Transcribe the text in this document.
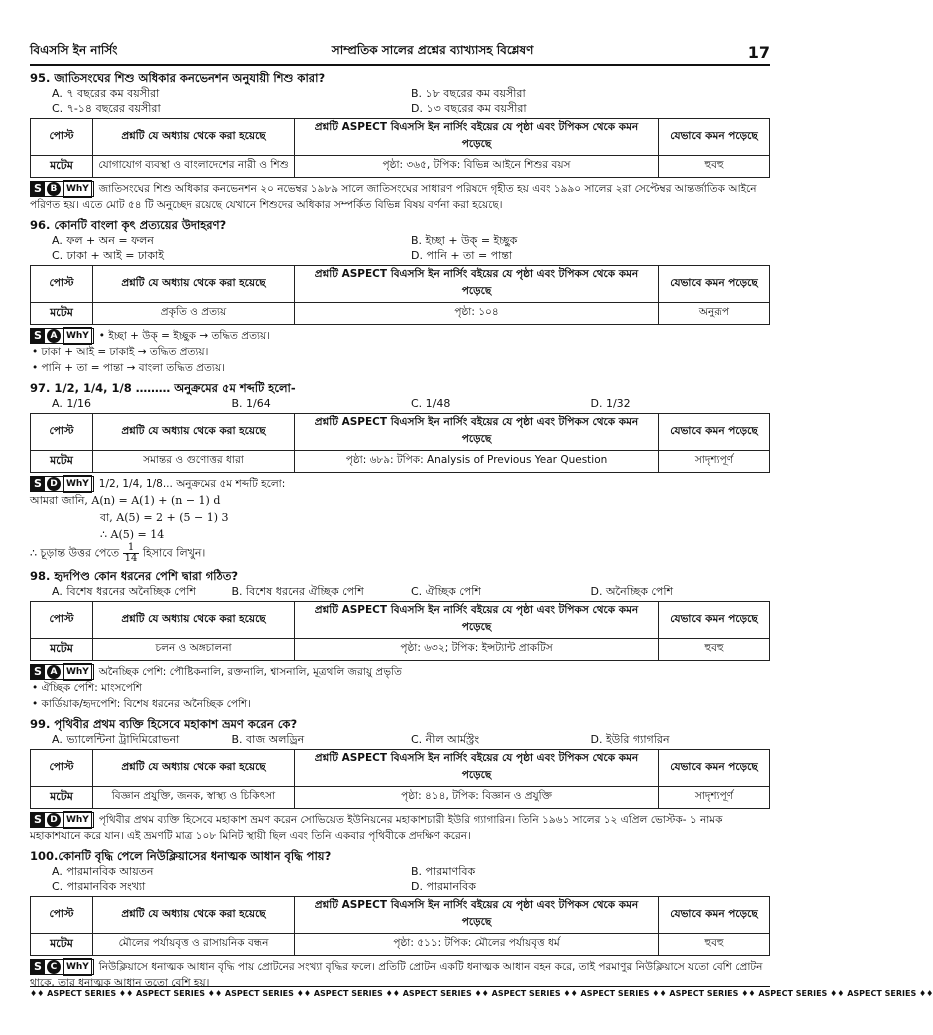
বিএসসি ইন নার্সিং	সাম্প্রতিক সালের প্রশ্নের ব্যাখ্যাসহ বিশ্লেষণ	17
95. জাতিসংঘের শিশু অধিকার কনভেনশন অনুযায়ী শিশু কারা?
A. ৭ বছরের কম বয়সীরা	B. ১৮ বছরের কম বয়সীরা
C. ৭-১৪ বছরের বয়সীরা	D. ১৩ বছরের কম বয়সীরা
পোস্ট	প্রশ্নটি যে অধ্যায় থেকে করা হয়েছে	প্রশ্নটি ASPECT বিএসসি ইন নার্সিং বইয়ের যে পৃষ্ঠা এবং টপিকস থেকে কমন পড়েছে	যেভাবে কমন পড়েছে
মটেম	যোগাযোগ ব্যবস্থা ও বাংলাদেশের নারী ও শিশু	পৃষ্ঠা: ৩৬৫, টপিক: বিভিন্ন আইনে শিশুর বয়স	হুবহু
S B WhY জাতিসংঘের শিশু অধিকার কনভেনশন ২০ নভেম্বর ১৯৮৯ সালে জাতিসংঘের সাধারণ পরিষদে গৃহীত হয় এবং ১৯৯০ সালের ২রা সেপ্টেম্বর আন্তর্জাতিক আইনে পরিণত হয়। এতে মোট ৫৪ টি অনুচ্ছেদ রয়েছে যেখানে শিশুদের অধিকার সম্পর্কিত বিভিন্ন বিষয় বর্ণনা করা হয়েছে।
96. কোনটি বাংলা কৃৎ প্রত্যয়ের উদাহরণ?
A. ফল + অন = ফলন	B. ইচ্ছা + উক্ = ইচ্ছুক
C. ঢাকা + আই = ঢাকাই	D. পানি + তা = পান্তা
পোস্ট	প্রশ্নটি যে অধ্যায় থেকে করা হয়েছে	প্রশ্নটি ASPECT বিএসসি ইন নার্সিং বইয়ের যে পৃষ্ঠা এবং টপিকস থেকে কমন পড়েছে	যেভাবে কমন পড়েছে
মটেম	প্রকৃতি ও প্রত্যয়	পৃষ্ঠা: ১০৪	অনুরূপ
S A WhY • ইচ্ছা + উক্ = ইচ্ছুক → তদ্ধিত প্রত্যয়।
• ঢাকা + আই = ঢাকাই → তদ্ধিত প্রত্যয়।
• পানি + তা = পান্তা → বাংলা তদ্ধিত প্রত্যয়।
97. 1/2, 1/4, 1/8 ……… অনুক্রমের ৫ম শব্দটি হলো-
A. 1/16	B. 1/64	C. 1/48	D. 1/32
পোস্ট	প্রশ্নটি যে অধ্যায় থেকে করা হয়েছে	প্রশ্নটি ASPECT বিএসসি ইন নার্সিং বইয়ের যে পৃষ্ঠা এবং টপিকস থেকে কমন পড়েছে	যেভাবে কমন পড়েছে
মটেম	সমান্তর ও গুণোত্তর ধারা	পৃষ্ঠা: ৬৮৯: টপিক: Analysis of Previous Year Question	সাদৃশ্যপূর্ণ
S D WhY 1/2, 1/4, 1/8... অনুক্রমের ৫ম শব্দটি হলো:
আমরা জানি, A(n) = A(1) + (n − 1) d
বা, A(5) = 2 + (5 − 1) 3
∴ A(5) = 14
∴ চূড়ান্ত উত্তর পেতে $\frac{1}{14}$ হিসাবে লিখুন।
98. হৃদপিণ্ড কোন ধরনের পেশি দ্বারা গঠিত?
A. বিশেষ ধরনের অনৈচ্ছিক পেশি	B. বিশেষ ধরনের ঐচ্ছিক পেশি	C. ঐচ্ছিক পেশি	D. অনৈচ্ছিক পেশি
পোস্ট	প্রশ্নটি যে অধ্যায় থেকে করা হয়েছে	প্রশ্নটি ASPECT বিএসসি ইন নার্সিং বইয়ের যে পৃষ্ঠা এবং টপিকস থেকে কমন পড়েছে	যেভাবে কমন পড়েছে
মটেম	চলন ও অঙ্গচালনা	পৃষ্ঠা: ৬৩২; টপিক: ইন্সট্যান্ট প্রাকটিস	হুবহু
S A WhY অনৈচ্ছিক পেশি: পৌষ্টিকনালি, রক্তনালি, শ্বাসনালি, মূত্রথলি জরায়ু প্রভৃতি
• ঐচ্ছিক পেশি: মাংসপেশি
• কার্ডিয়াক/হৃদপেশি: বিশেষ ধরনের অনৈচ্ছিক পেশি।
99. পৃথিবীর প্রথম ব্যক্তি হিসেবে মহাকাশ ভ্রমণ করেন কে?
A. ভ্যালেন্টিনা ট্রাদিমিরোভনা	B. বাজ অলড্রিন	C. নীল আর্মস্ট্রং	D. ইউরি গ্যাগরিন
পোস্ট	প্রশ্নটি যে অধ্যায় থেকে করা হয়েছে	প্রশ্নটি ASPECT বিএসসি ইন নার্সিং বইয়ের যে পৃষ্ঠা এবং টপিকস থেকে কমন পড়েছে	যেভাবে কমন পড়েছে
মটেম	বিজ্ঞান প্রযুক্তি, জনক, স্বাস্থ্য ও চিকিৎসা	পৃষ্ঠা: ৪১৪, টপিক: বিজ্ঞান ও প্রযুক্তি	সাদৃশ্যপূর্ণ
S D WhY পৃথিবীর প্রথম ব্যক্তি হিসেবে মহাকাশ ভ্রমণ করেন সোভিয়েত ইউনিয়নের মহাকাশচারী ইউরি গ্যাগারিন। তিনি ১৯৬১ সালের ১২ এপ্রিল ভোস্টক- ১ নামক মহাকাশযানে করে যান। এই ভ্রমণটি মাত্র ১০৮ মিনিট স্থায়ী ছিল এবং তিনি একবার পৃথিবীকে প্রদক্ষিণ করেন।
100.কোনটি বৃদ্ধি পেলে নিউক্লিয়াসের ধনাত্মক আধান বৃদ্ধি পায়?
A. পারমানবিক আয়তন	B. পারমাণবিক
C. পারমানবিক সংখ্যা	D. পারমানবিক
পোস্ট	প্রশ্নটি যে অধ্যায় থেকে করা হয়েছে	প্রশ্নটি ASPECT বিএসসি ইন নার্সিং বইয়ের যে পৃষ্ঠা এবং টপিকস থেকে কমন পড়েছে	যেভাবে কমন পড়েছে
মটেম	মৌলের পর্যায়বৃত্ত ও রাসায়নিক বন্ধন	পৃষ্ঠা: ৫১১: টপিক: মৌলের পর্যায়বৃত্ত ধর্ম	হুবহু
S C WhY নিউক্লিয়াসে ধনাত্মক আধান বৃদ্ধি পায় প্রোটনের সংখ্যা বৃদ্ধির ফলে। প্রতিটি প্রোটন একটি ধনাত্মক আধান বহন করে, তাই পরমাণুর নিউক্লিয়াসে যতো বেশি প্রোটন থাকে, তার ধনাত্মক আধান ততো বেশি হয়।
♦♦ ASPECT SERIES ♦♦ ASPECT SERIES ♦♦ ASPECT SERIES ♦♦ ASPECT SERIES ♦♦ ASPECT SERIES ♦♦ ASPECT SERIES ♦♦ ASPECT SERIES ♦♦ ASPECT SERIES ♦♦ ASPECT SERIES ♦♦ ASPECT SERIES ♦♦
